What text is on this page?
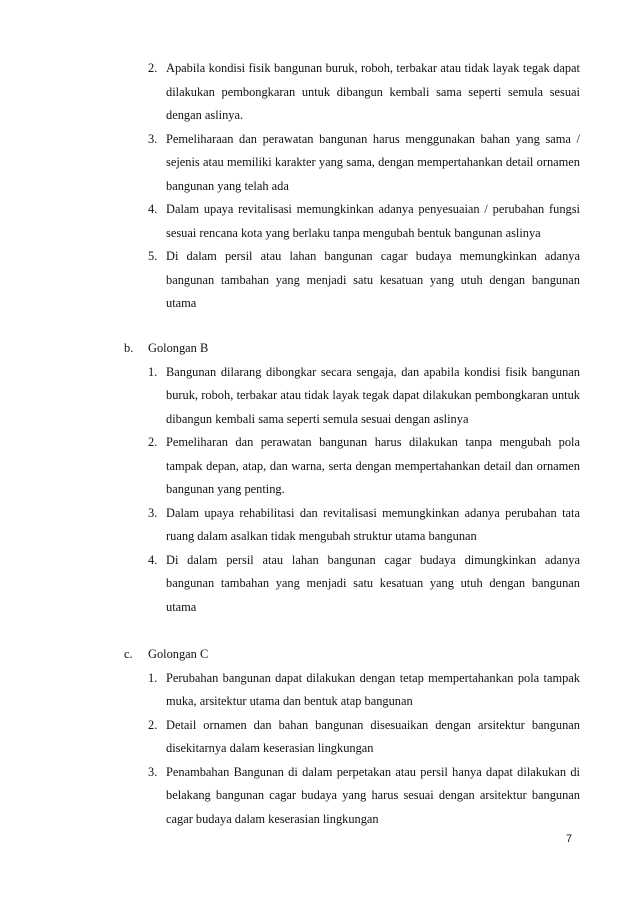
2. Apabila kondisi fisik bangunan buruk, roboh, terbakar atau tidak layak tegak dapat dilakukan pembongkaran untuk dibangun kembali sama seperti semula sesuai dengan aslinya.
3. Pemeliharaan dan perawatan bangunan harus menggunakan bahan yang sama / sejenis atau memiliki karakter yang sama, dengan mempertahankan detail ornamen bangunan yang telah ada
4. Dalam upaya revitalisasi memungkinkan adanya penyesuaian / perubahan fungsi sesuai rencana kota yang berlaku tanpa mengubah bentuk bangunan aslinya
5. Di dalam persil atau lahan bangunan cagar budaya memungkinkan adanya bangunan tambahan yang menjadi satu kesatuan yang utuh dengan bangunan utama
b. Golongan B
1. Bangunan dilarang dibongkar secara sengaja, dan apabila kondisi fisik bangunan buruk, roboh, terbakar atau tidak layak tegak dapat dilakukan pembongkaran untuk dibangun kembali sama seperti semula sesuai dengan aslinya
2. Pemeliharan dan perawatan bangunan harus dilakukan tanpa mengubah pola tampak depan, atap, dan warna, serta dengan mempertahankan detail dan ornamen bangunan yang penting.
3. Dalam upaya rehabilitasi dan revitalisasi memungkinkan adanya perubahan tata ruang dalam asalkan tidak mengubah struktur utama bangunan
4. Di dalam persil atau lahan bangunan cagar budaya dimungkinkan adanya bangunan tambahan yang menjadi satu kesatuan yang utuh dengan bangunan utama
c. Golongan C
1. Perubahan bangunan dapat dilakukan dengan tetap mempertahankan pola tampak muka, arsitektur utama dan bentuk atap bangunan
2. Detail ornamen dan bahan bangunan disesuaikan dengan arsitektur bangunan disekitarnya dalam keserasian lingkungan
3. Penambahan Bangunan di dalam perpetakan atau persil hanya dapat dilakukan di belakang bangunan cagar budaya yang harus sesuai dengan arsitektur bangunan cagar budaya dalam keserasian lingkungan
7
